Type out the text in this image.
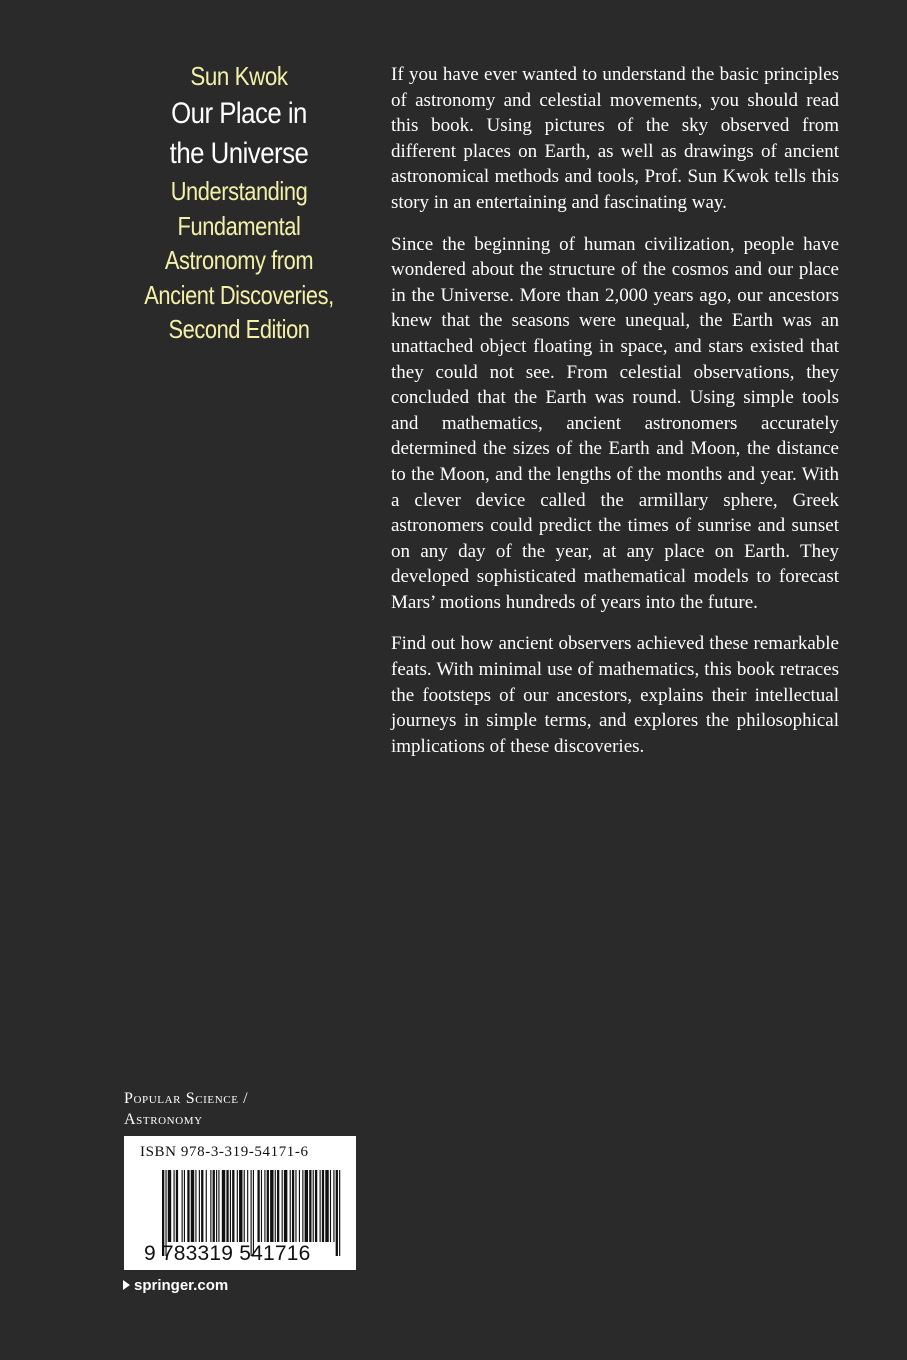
Sun Kwok
Our Place in
the Universe
Understanding
Fundamental
Astronomy from
Ancient Discoveries,
Second Edition

If you have ever wanted to understand the basic principles of astronomy and celestial movements, you should read this book. Using pictures of the sky observed from different places on Earth, as well as drawings of ancient astronomical methods and tools, Prof. Sun Kwok tells this story in an entertaining and fascinating way.

Since the beginning of human civilization, people have wondered about the structure of the cosmos and our place in the Universe. More than 2,000 years ago, our ancestors knew that the seasons were unequal, the Earth was an unattached object floating in space, and stars existed that they could not see. From celestial observations, they concluded that the Earth was round. Using simple tools and mathematics, ancient astronomers accurately determined the sizes of the Earth and Moon, the distance to the Moon, and the lengths of the months and year. With a clever device called the armillary sphere, Greek astronomers could predict the times of sunrise and sunset on any day of the year, at any place on Earth. They developed sophisticated mathematical models to forecast Mars’ motions hundreds of years into the future.

Find out how ancient observers achieved these remarkable feats. With minimal use of mathematics, this book retraces the footsteps of our ancestors, explains their intellectual journeys in simple terms, and explores the philosophical implications of these discoveries.

Popular Science /
Astronomy
ISBN 978-3-319-54171-6
9 783319 541716
springer.com
